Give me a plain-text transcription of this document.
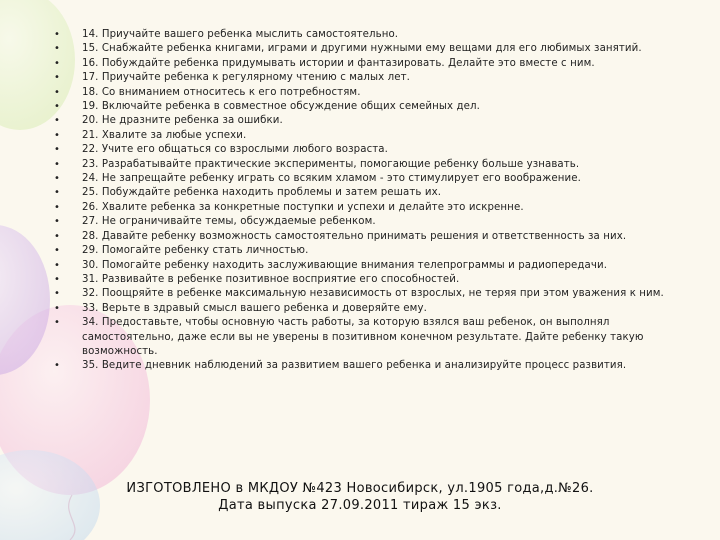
• 14. Приучайте вашего ребенка мыслить самостоятельно.
• 15. Снабжайте ребенка книгами, играми и другими нужными ему вещами для его любимых занятий.
• 16. Побуждайте ребенка придумывать истории и фантазировать. Делайте это вместе с ним.
• 17. Приучайте ребенка к регулярному чтению с малых лет.
• 18. Со вниманием относитесь к его потребностям.
• 19. Включайте ребенка в совместное обсуждение общих семейных дел.
• 20. Не дразните ребенка за ошибки.
• 21. Хвалите за любые успехи.
• 22. Учите его общаться со взрослыми любого возраста.
• 23. Разрабатывайте практические эксперименты, помогающие ребенку больше узнавать.
• 24. Не запрещайте ребенку играть со всяким хламом - это стимулирует его воображение.
• 25. Побуждайте ребенка находить проблемы и затем решать их.
• 26. Хвалите ребенка за конкретные поступки и успехи и делайте это искренне.
• 27. Не ограничивайте темы, обсуждаемые ребенком.
• 28. Давайте ребенку возможность самостоятельно принимать решения и ответственность за них.
• 29. Помогайте ребенку стать личностью.
• 30. Помогайте ребенку находить заслуживающие внимания телепрограммы и радиопередачи.
• 31. Развивайте в ребенке позитивное восприятие его способностей.
• 32. Поощряйте в ребенке максимальную независимость от взрослых, не теряя при этом уважения к ним.
• 33. Верьте в здравый смысл вашего ребенка и доверяйте ему.
• 34. Предоставьте, чтобы основную часть работы, за которую взялся ваш ребенок, он выполнял самостоятельно, даже если вы не уверены в позитивном конечном результате. Дайте ребенку такую возможность.
• 35. Ведите дневник наблюдений за развитием вашего ребенка и анализируйте процесс развития.
ИЗГОТОВЛЕНО в МКДОУ №423 Новосибирск, ул.1905 года,д.№26.
Дата выпуска 27.09.2011 тираж 15 экз.
